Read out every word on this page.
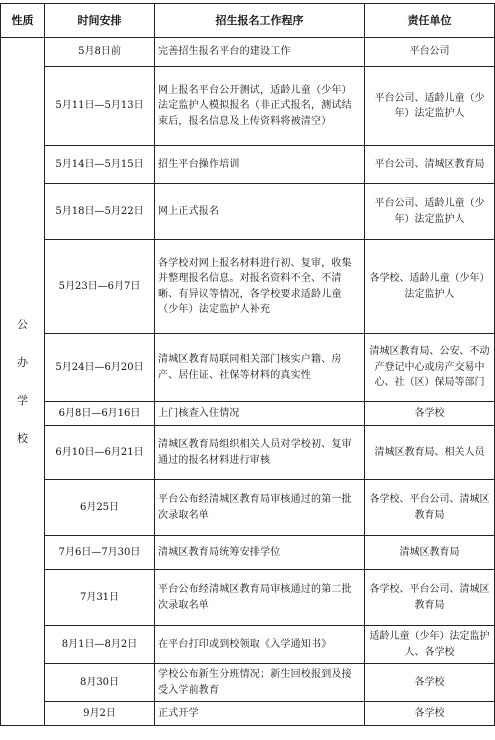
性质	时间安排	招生报名工作程序	责任单位

公
办
学
校	5月8日前	完善招生报名平台的建设工作	平台公司
	5月11日—5月13日	网上报名平台公开测试，适龄儿童（少年）法定监护人模拟报名（非正式报名，测试结束后，报名信息及上传资料将被清空）	平台公司、适龄儿童（少年）法定监护人
	5月14日—5月15日	招生平台操作培训	平台公司、清城区教育局
	5月18日—5月22日	网上正式报名	平台公司、适龄儿童（少年）法定监护人
	5月23日—6月7日	各学校对网上报名材料进行初、复审，收集并整理报名信息。对报名资料不全、不清晰、有异议等情况，各学校要求适龄儿童（少年）法定监护人补充	各学校、适龄儿童（少年）法定监护人
	5月24日—6月20日	清城区教育局联同相关部门核实户籍、房产、居住证、社保等材料的真实性	清城区教育局、公安、不动产登记中心或房产交易中心、社（区）保局等部门
	6月8日—6月16日	上门核查入住情况	各学校
	6月10日—6月21日	清城区教育局组织相关人员对学校初、复审通过的报名材料进行审核	清城区教育局、相关人员
	6月25日	平台公布经清城区教育局审核通过的第一批次录取名单	各学校、平台公司、清城区教育局
	7月6日—7月30日	清城区教育局统筹安排学位	清城区教育局
	7月31日	平台公布经清城区教育局审核通过的第二批次录取名单	各学校、平台公司、清城区教育局
	8月1日—8月2日	在平台打印或到校领取《入学通知书》	适龄儿童（少年）法定监护人、各学校
	8月30日	学校公布新生分班情况；新生回校报到及接受入学前教育	各学校
	9月2日	正式开学	各学校
